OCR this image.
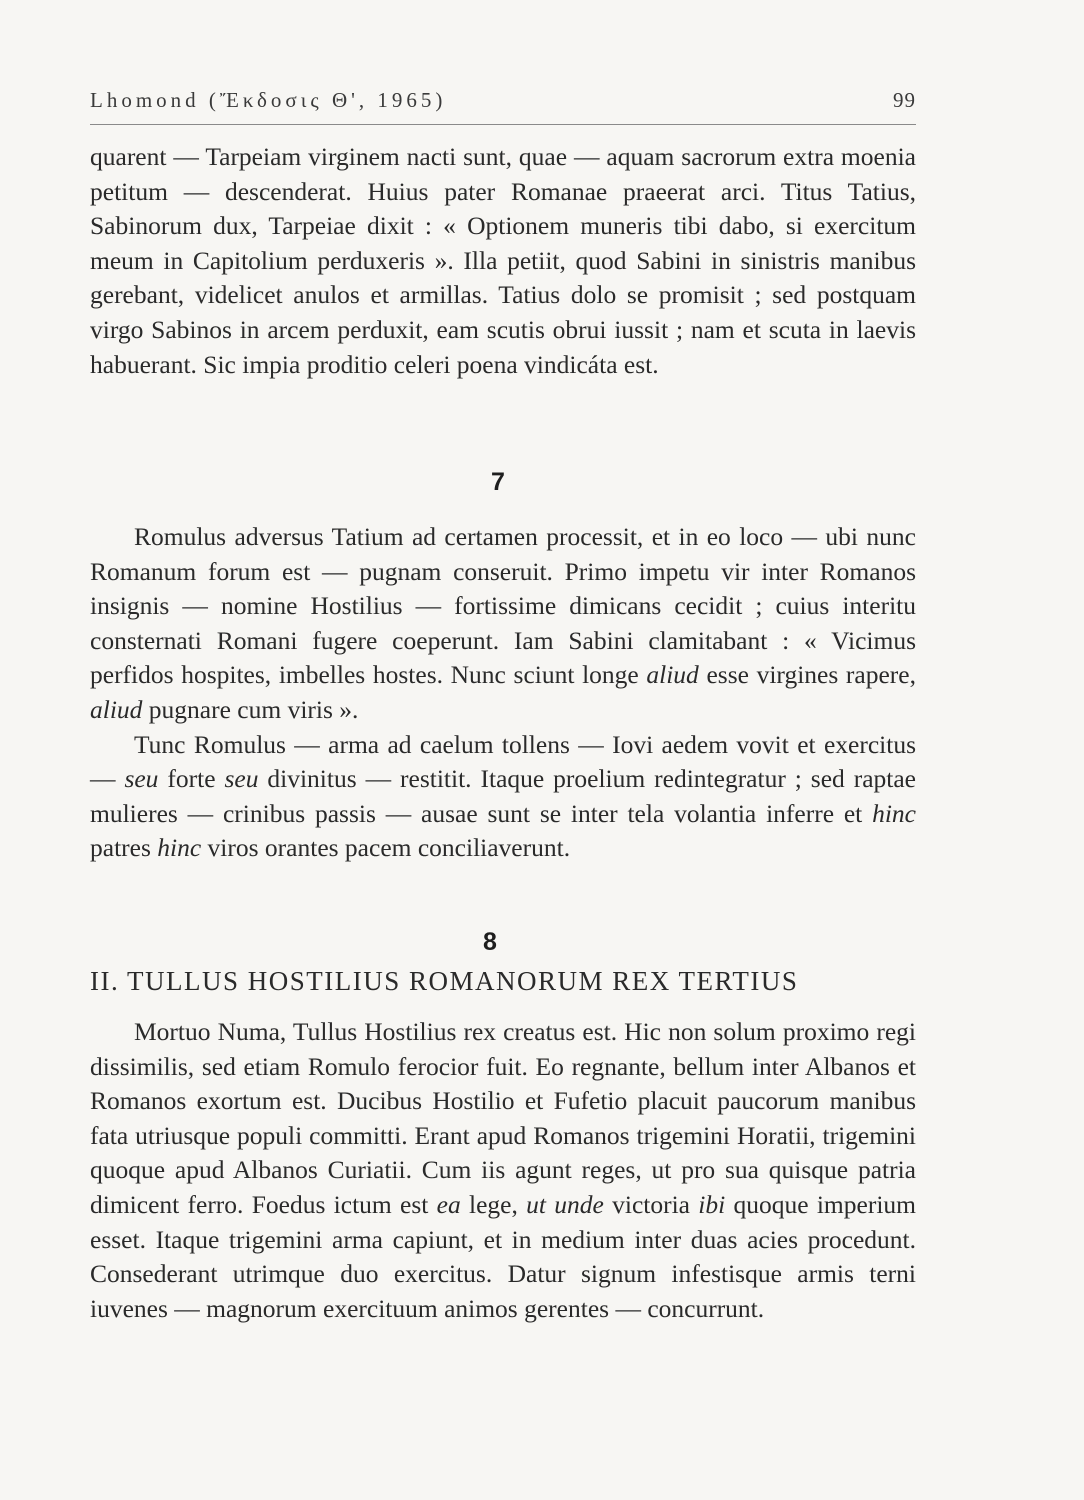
Lhomond (Ἔκδοσις Θ', 1965)	99

quarent — Tarpeiam virginem nacti sunt, quae — aquam sacrorum extra moenia petitum — descenderat. Huius pater Romanae praeerat arci. Titus Tatius, Sabinorum dux, Tarpeiae dixit : « Optionem muneris tibi dabo, si exercitum meum in Capitolium perduxeris ». Illa petiit, quod Sabini in sinistris manibus gerebant, videlicet anulos et armillas. Tatius dolo se promisit ; sed postquam virgo Sabinos in arcem perduxit, eam scutis obrui iussit ; nam et scuta in laevis habuerant. Sic impia proditio celeri poena vindicáta est.

7

Romulus adversus Tatium ad certamen processit, et in eo loco — ubi nunc Romanum forum est — pugnam conseruit. Primo impetu vir inter Romanos insignis — nomine Hostilius — fortissime dimicans cecidit ; cuius interitu consternati Romani fugere coeperunt. Iam Sabini clamitabant : « Vicimus perfidos hospites, imbelles hostes. Nunc sciunt longe aliud esse virgines rapere, aliud pugnare cum viris ».

Tunc Romulus — arma ad caelum tollens — Iovi aedem vovit et exercitus — seu forte seu divinitus — restitit. Itaque proelium redintegratur ; sed raptae mulieres — crinibus passis — ausae sunt se inter tela volantia inferre et hinc patres hinc viros orantes pacem conciliaverunt.

8
II. TULLUS HOSTILIUS ROMANORUM REX TERTIUS

Mortuo Numa, Tullus Hostilius rex creatus est. Hic non solum proximo regi dissimilis, sed etiam Romulo ferocior fuit. Eo regnante, bellum inter Albanos et Romanos exortum est. Ducibus Hostilio et Fufetio placuit paucorum manibus fata utriusque populi committi. Erant apud Romanos trigemini Horatii, trigemini quoque apud Albanos Curiatii. Cum iis agunt reges, ut pro sua quisque patria dimicent ferro. Foedus ictum est ea lege, ut unde victoria ibi quoque imperium esset. Itaque trigemini arma capiunt, et in medium inter duas acies procedunt. Consederant utrimque duo exercitus. Datur signum infestisque armis terni iuvenes — magnorum exercituum animos gerentes — concurrunt.
